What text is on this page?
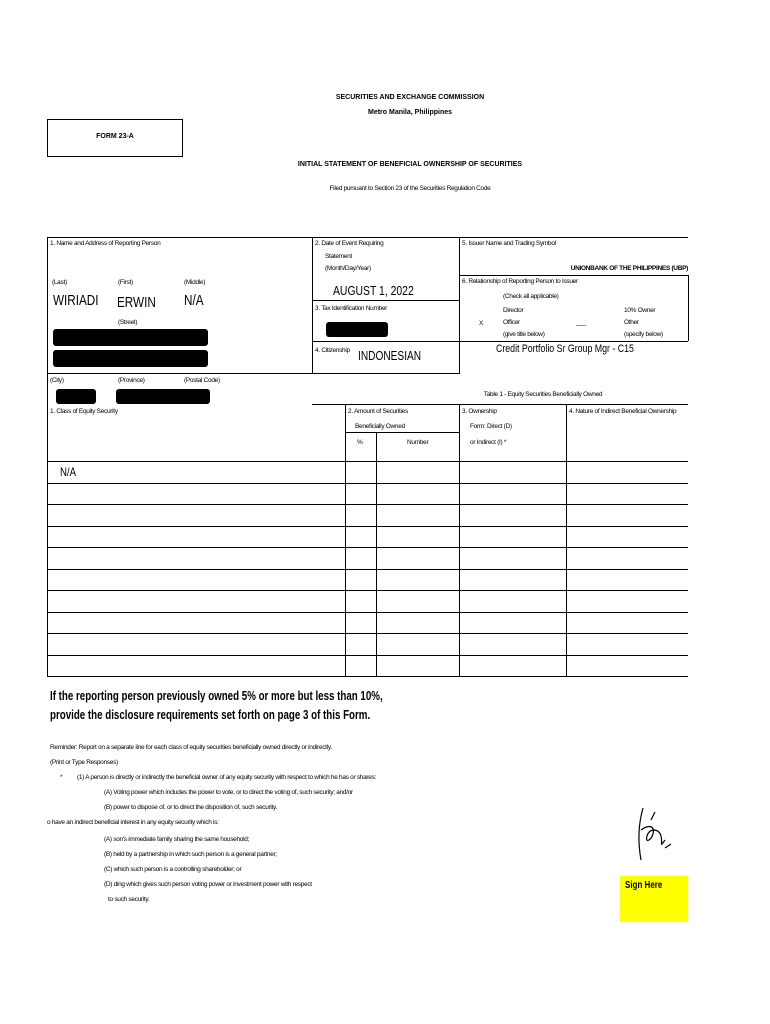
SECURITIES AND EXCHANGE COMMISSION
Metro Manila, Philippines
FORM 23-A
INITIAL STATEMENT OF BENEFICIAL OWNERSHIP OF SECURITIES
Filed pursuant to Section 23 of the Securities Regulation Code
1. Name and Address of Reporting Person
(Last)	(First)	(Middle)
WIRIADI ERWIN N/A
(Street)
(City)	(Province)	(Postal Code)
2. Date of Event Requiring
Statement
(Month/Day/Year)
AUGUST 1, 2022
3. Tax Identification Number
4. Citizenship INDONESIAN
5. Issuer Name and Trading Symbol
UNIONBANK OF THE PHILIPPINES (UBP)
6. Relationship of Reporting Person to Issuer
(Check all applicable)
Director	10% Owner
X	Officer	___	Other
(give title below)	(specify below)
Credit Portfolio Sr Group Mgr - C15
Table 1 - Equity Securities Beneficially Owned
1. Class of Equity Security	2. Amount of Securities
Beneficially Owned
%	Number
3. Ownership
Form: Direct (D)
or Indirect (I) *
4. Nature of Indirect Beneficial Ownership
N/A
If the reporting person previously owned 5% or more but less than 10%,
provide the disclosure requirements set forth on page 3 of this Form.
Reminder: Report on a separate line for each class of equity securities beneficially owned directly or indirectly.
(Print or Type Responses)
* (1) A person is directly or indirectly the beneficial owner of any equity security with respect to which he has or shares:
(A) Voting power which includes the power to vote, or to direct the voting of, such security; and/or
(B) power to dispose of, or to direct the disposition of, such security.
o have an indirect beneficial interest in any equity security which is:
(A) son's immediate family sharing the same household;
(B) held by a partnership in which such person is a general partner;
(C) which such person is a controlling shareholder; or
(D) ding which gives such person voting power or investment power with respect
to such security.
Sign Here
